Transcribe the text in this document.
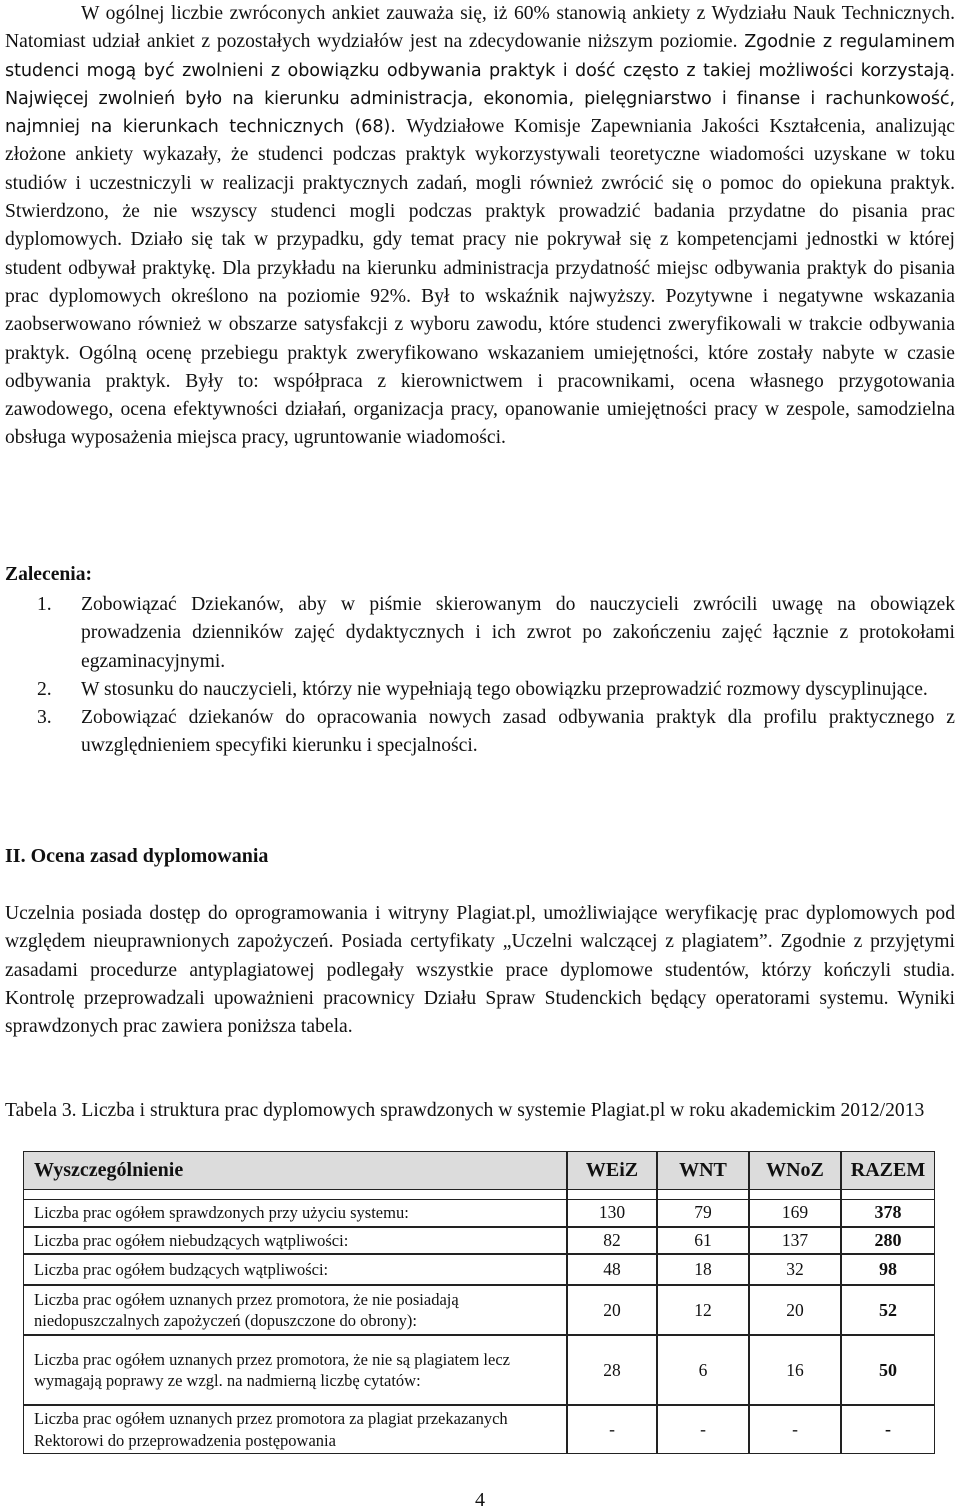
W ogólnej liczbie zwróconych ankiet zauważa się, iż 60% stanowią ankiety z Wydziału Nauk Technicznych. Natomiast udział ankiet z pozostałych wydziałów jest na zdecydowanie niższym poziomie. Zgodnie z regulaminem studenci mogą być zwolnieni z obowiązku odbywania praktyk i dość często z takiej możliwości korzystają. Najwięcej zwolnień było na kierunku administracja, ekonomia, pielęgniarstwo i finanse i rachunkowość, najmniej na kierunkach technicznych (68). Wydziałowe Komisje Zapewniania Jakości Kształcenia, analizując złożone ankiety wykazały, że studenci podczas praktyk wykorzystywali teoretyczne wiadomości uzyskane w toku studiów i uczestniczyli w realizacji praktycznych zadań, mogli również zwrócić się o pomoc do opiekuna praktyk. Stwierdzono, że nie wszyscy studenci mogli podczas praktyk prowadzić badania przydatne do pisania prac dyplomowych. Działo się tak w przypadku, gdy temat pracy nie pokrywał się z kompetencjami jednostki w której student odbywał praktykę. Dla przykładu na kierunku administracja przydatność miejsc odbywania praktyk do pisania prac dyplomowych określono na poziomie 92%. Był to wskaźnik najwyższy. Pozytywne i negatywne wskazania zaobserwowano również w obszarze satysfakcji z wyboru zawodu, które studenci zweryfikowali w trakcie odbywania praktyk. Ogólną ocenę przebiegu praktyk zweryfikowano wskazaniem umiejętności, które zostały nabyte w czasie odbywania praktyk. Były to: współpraca z kierownictwem i pracownikami, ocena własnego przygotowania zawodowego, ocena efektywności działań, organizacja pracy, opanowanie umiejętności pracy w zespole, samodzielna obsługa wyposażenia miejsca pracy, ugruntowanie wiadomości.

Zalecenia:

1. Zobowiązać Dziekanów, aby w piśmie skierowanym do nauczycieli zwrócili uwagę na obowiązek prowadzenia dzienników zajęć dydaktycznych i ich zwrot po zakończeniu zajęć łącznie z protokołami egzaminacyjnymi.
2. W stosunku do nauczycieli, którzy nie wypełniają tego obowiązku przeprowadzić rozmowy dyscyplinujące.
3. Zobowiązać dziekanów do opracowania nowych zasad odbywania praktyk dla profilu praktycznego z uwzględnieniem specyfiki kierunku i specjalności.
II. Ocena zasad dyplomowania

Uczelnia posiada dostęp do oprogramowania i witryny Plagiat.pl, umożliwiające weryfikację prac dyplomowych pod względem nieuprawnionych zapożyczeń. Posiada certyfikaty „Uczelni walczącej z plagiatem”. Zgodnie z przyjętymi zasadami procedurze antyplagiatowej podlegały wszystkie prace dyplomowe studentów, którzy kończyli studia. Kontrolę przeprowadzali upoważnieni pracownicy Działu Spraw Studenckich będący operatorami systemu. Wyniki sprawdzonych prac zawiera poniższa tabela.

Tabela 3. Liczba i struktura prac dyplomowych sprawdzonych w systemie Plagiat.pl w roku akademickim 2012/2013

Wyszczególnienie	WEiZ	WNT	WNoZ	RAZEM

Liczba prac ogółem sprawdzonych przy użyciu systemu:	130	79	169	378
Liczba prac ogółem niebudzących wątpliwości:	82	61	137	280
Liczba prac ogółem budzących wątpliwości:	48	18	32	98
Liczba prac ogółem uznanych przez promotora, że nie posiadają niedopuszczalnych zapożyczeń (dopuszczone do obrony):	20	12	20	52
Liczba prac ogółem uznanych przez promotora, że nie są plagiatem lecz wymagają poprawy ze wzgl. na nadmierną liczbę cytatów:	28	6	16	50
Liczba prac ogółem uznanych przez promotora za plagiat przekazanych Rektorowi do przeprowadzenia postępowania	-	-	-	-
4
